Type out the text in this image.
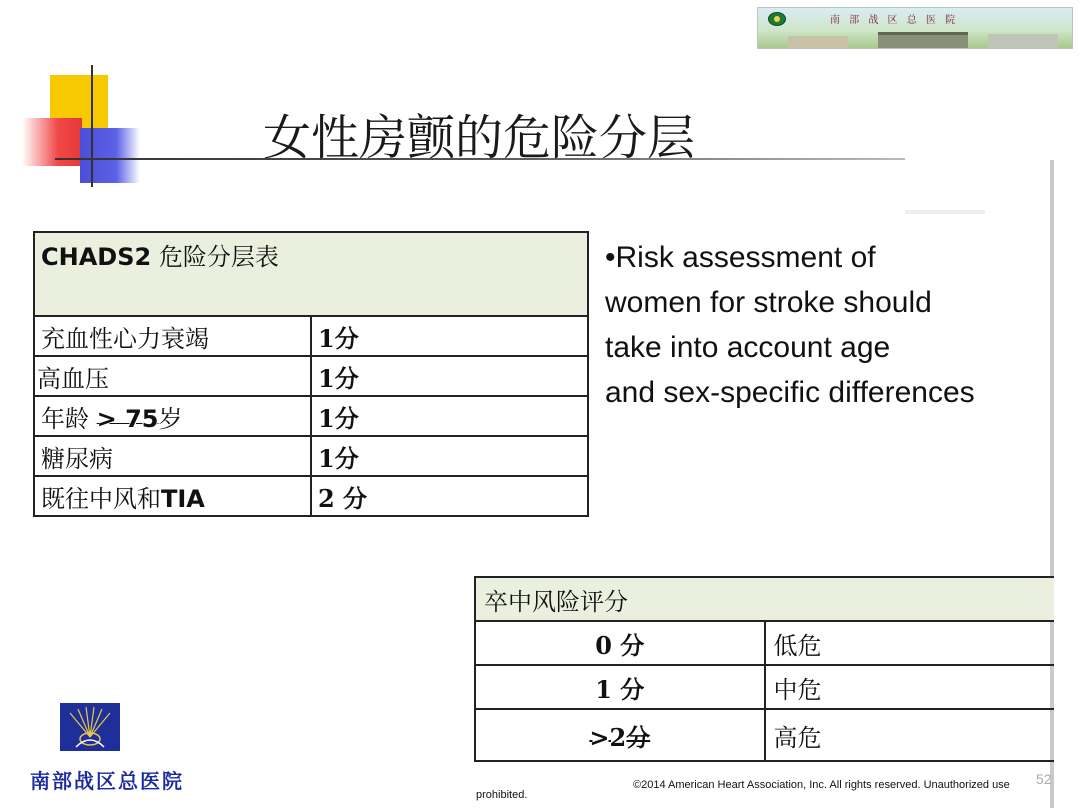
南 部 战 区 总 医 院
女性房颤的危险分层
CHADS2 危险分层表	
充血性心力衰竭	1分
高血压	1分
年龄 > 75岁	1分
糖尿病	1分
既往中风和TIA	2 分
•Risk assessment of
women for stroke should
take into account age
and sex-specific differences
卒中风险评分	
0 分	低危
1 分	中危
>2分	高危
南部战区总医院	©2014 American Heart Association, Inc. All rights reserved. Unauthorized use
prohibited.
52
